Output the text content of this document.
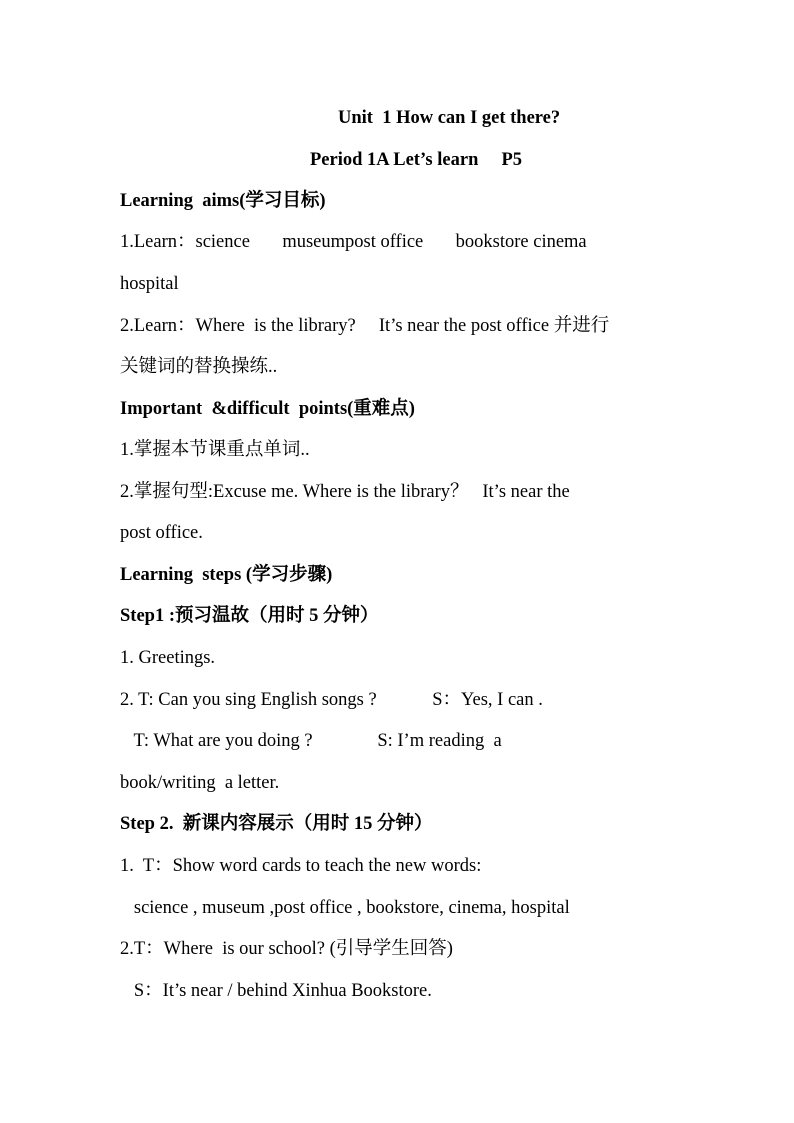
Unit  1 How can I get there?
Period 1A Let’s learn     P5
Learning  aims(学习目标)
1.Learn：science       museumpost office       bookstore cinema
hospital
2.Learn：Where  is the library?     It’s near the post office 并进行
关键词的替换操练..
Important  &difficult  points(重难点)
1.掌握本节课重点单词..
2.掌握句型:Excuse me. Where is the library？   It’s near the
post office.
Learning  steps (学习步骤)
Step1 :预习温故（用时 5 分钟）
1. Greetings.
2. T: Can you sing English songs ?            S：Yes, I can .
T: What are you doing ?              S: I’m reading  a
book/writing  a letter.
Step 2.  新课内容展示（用时 15 分钟）
1.  T：Show word cards to teach the new words:
science , museum ,post office , bookstore, cinema, hospital
2.T：Where  is our school? (引导学生回答)
S：It’s near / behind Xinhua Bookstore.
